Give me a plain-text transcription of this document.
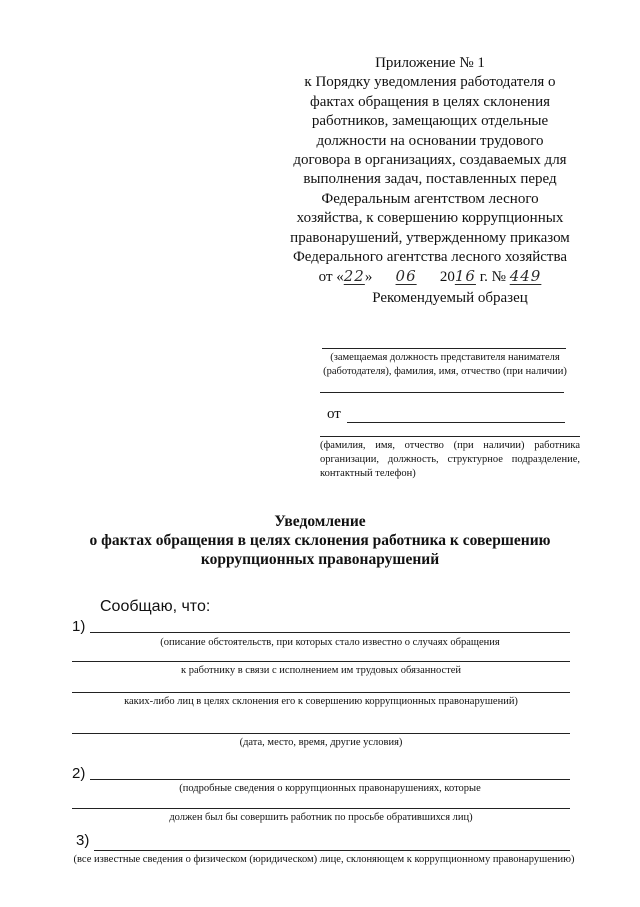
Приложение № 1
к Порядку уведомления работодателя о
фактах обращения в целях склонения
работников, замещающих отдельные
должности на основании трудового
договора в организациях, создаваемых для
выполнения задач, поставленных перед
Федеральным агентством лесного
хозяйства, к совершению коррупционных
правонарушений, утвержденному приказом
Федерального агентства лесного хозяйства
от «22» 06 2016 г. № 449
Рекомендуемый образец
(замещаемая должность представителя нанимателя (работодателя), фамилия, имя, отчество (при наличии)
от
(фамилия, имя, отчество (при наличии) работника организации, должность, структурное подразделение, контактный телефон)
Уведомление
о фактах обращения в целях склонения работника к совершению
коррупционных правонарушений
Сообщаю, что:
1)
(описание обстоятельств, при которых стало известно о случаях обращения
к работнику в связи с исполнением им трудовых обязанностей
каких-либо лиц в целях склонения его к совершению коррупционных правонарушений)
(дата, место, время, другие условия)
2)
(подробные сведения о коррупционных правонарушениях, которые
должен был бы совершить работник по просьбе обратившихся лиц)
3)
(все известные сведения о физическом (юридическом) лице, склоняющем к коррупционному правонарушению)
